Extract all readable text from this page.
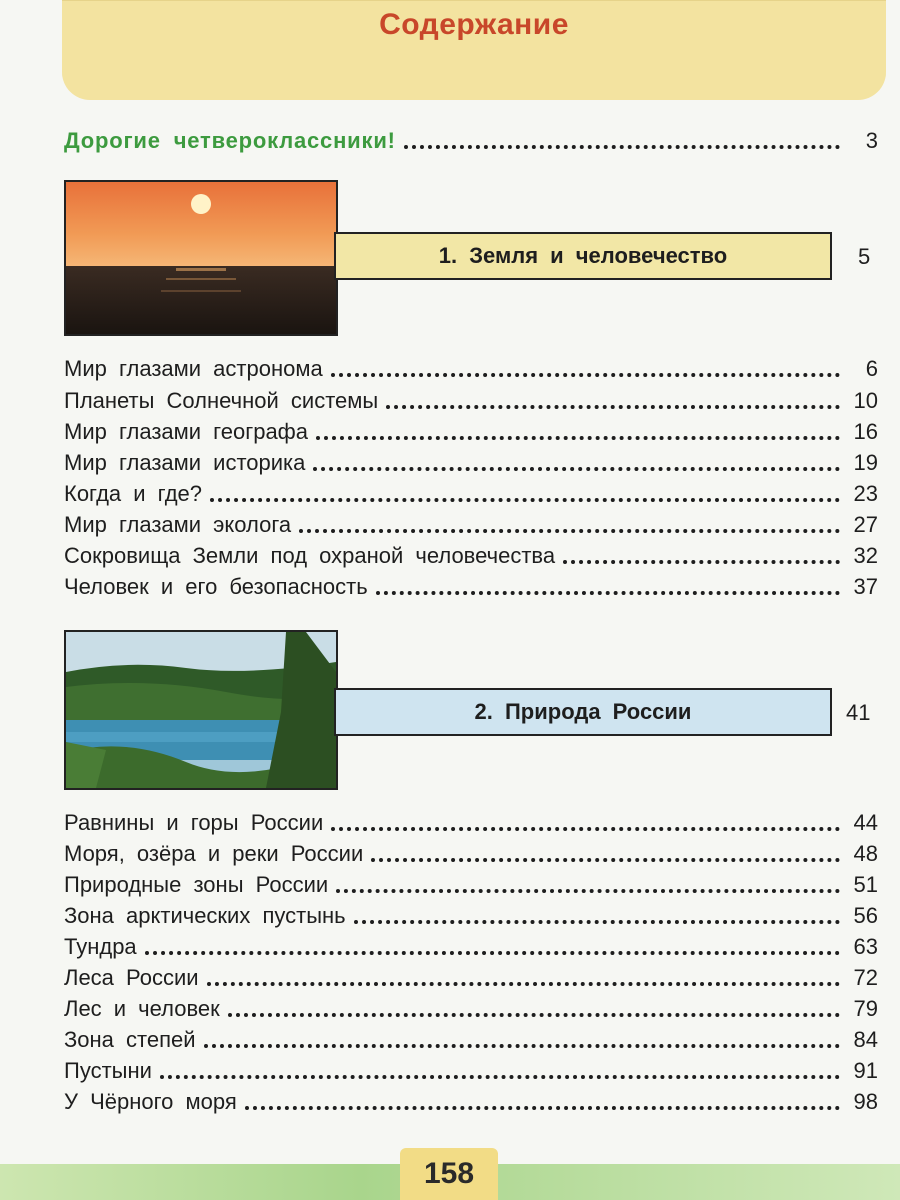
Содержание
Дорогие четвероклассники!	3
1. Земля и человечество	5
Мир глазами астронома	6
Планеты Солнечной системы	10
Мир глазами географа	16
Мир глазами историка	19
Когда и где?	23
Мир глазами эколога	27
Сокровища Земли под охраной человечества	32
Человек и его безопасность	37
2. Природа России	41
Равнины и горы России	44
Моря, озёра и реки России	48
Природные зоны России	51
Зона арктических пустынь	56
Тундра	63
Леса России	72
Лес и человек	79
Зона степей	84
Пустыни	91
У Чёрного моря	98
158
